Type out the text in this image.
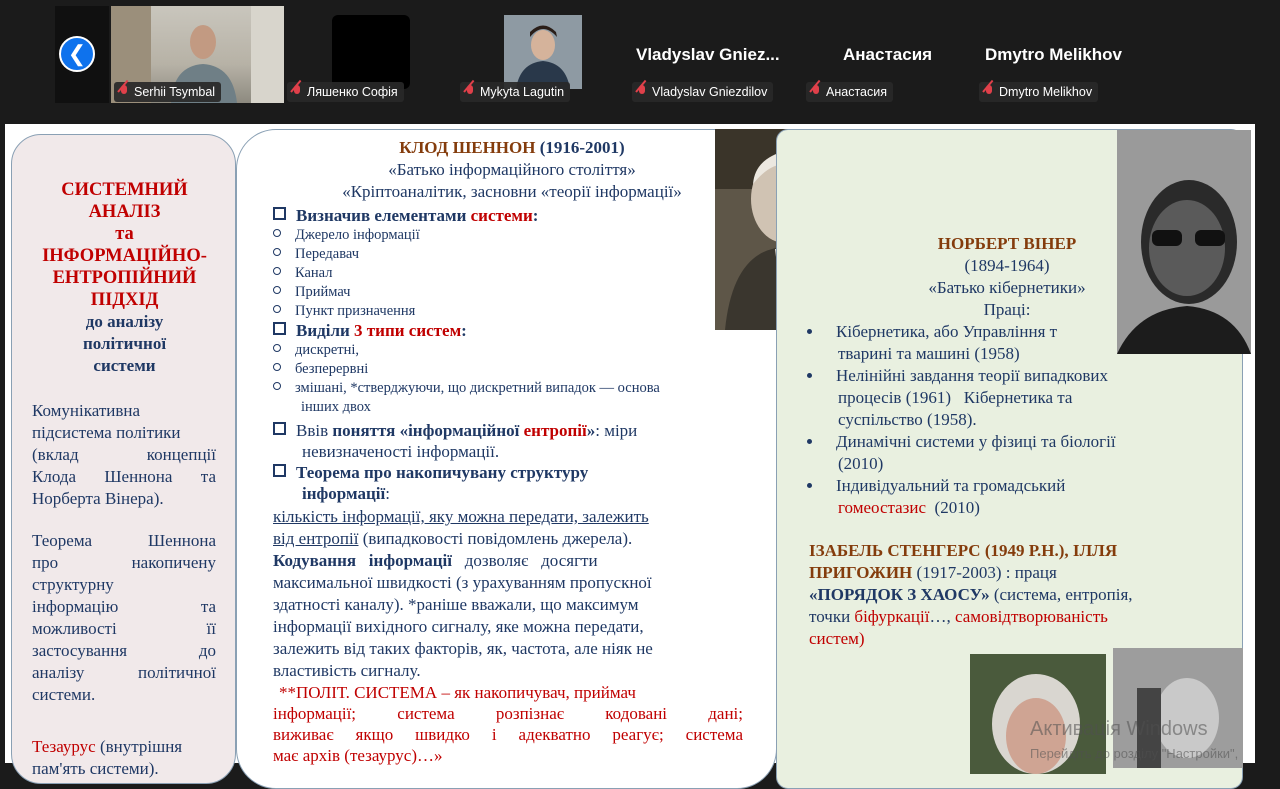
❮
Serhii Tsymbal	Ляшенко Софія	Mykyta Lagutin
Vladyslav Gniez...
Vladyslav Gniezdilov
Анастасия
Анастасия
Dmytro Melikhov
Dmytro Melikhov
СИСТЕМНИЙ
АНАЛІЗ
та
ІНФОРМАЦІЙНО-
ЕНТРОПІЙНИЙ
ПІДХІД
до аналізу
політичної
системи
Комунікативна
підсистема політики
(вклад концепції
Клода Шеннона та
Норберта Вінера).
Теорема Шеннона
про накопичену
структурну
інформацію та
можливості її
застосування до
аналізу політичної
системи.
Тезаурус (внутрішня
пам'ять системи).
КЛОД ШЕННОН (1916-2001)
«Батько інформаційного століття»
«Кріптоаналітик, засновни «теорії інформації»
Визначив елементами системи:
Джерело інформації
Передавач
Канал
Приймач
Пункт призначення
Виділи 3 типи систем:
дискретні,
безперервні
змішані, *стверджуючи, що дискретний випадок — основа
інших двох
Ввів поняття «інформаційної ентропії»: міри
невизначеності інформації.
Теорема про накопичувану структуру
інформації:
кількість інформації, яку можна передати, залежить
від ентропії (випадковості повідомлень джерела).
Кодування   інформації   дозволяє   досягти
максимальної швидкості (з урахуванням пропускної
здатності каналу). *раніше вважали, що максимум
інформації вихідного сигналу, яке можна передати,
залежить від таких факторів, як, частота, але ніяк не
властивість сигналу.
**ПОЛІТ. СИСТЕМА – як накопичувач, приймач
інформації; система розпізнає кодовані дані;
виживає якщо швидко і адекватно реагує; система
має архів (тезаурус)…»
НОРБЕРТ ВІНЕР
(1894-1964)
«Батько кібернетики»
Праці:
Кібернетика, або Управління т
тварині та машині (1958)
Нелінійні завдання теорії випадкових
процесів (1961)   Кібернетика та
суспільство (1958).
Динамічні системи у фізиці та біології
(2010)
Індивідуальний та громадський
гомеостазис  (2010)
ІЗАБЕЛЬ СТЕНГЕРС (1949 Р.Н.), ІЛЛЯ
ПРИГОЖИН (1917-2003) : праця
«ПОРЯДОК З ХАОСУ» (система, ентропія,
точки біфуркації…, самовідтворюваність
систем)
Активація Windows
Перейдіть до розділу "Настройки",
